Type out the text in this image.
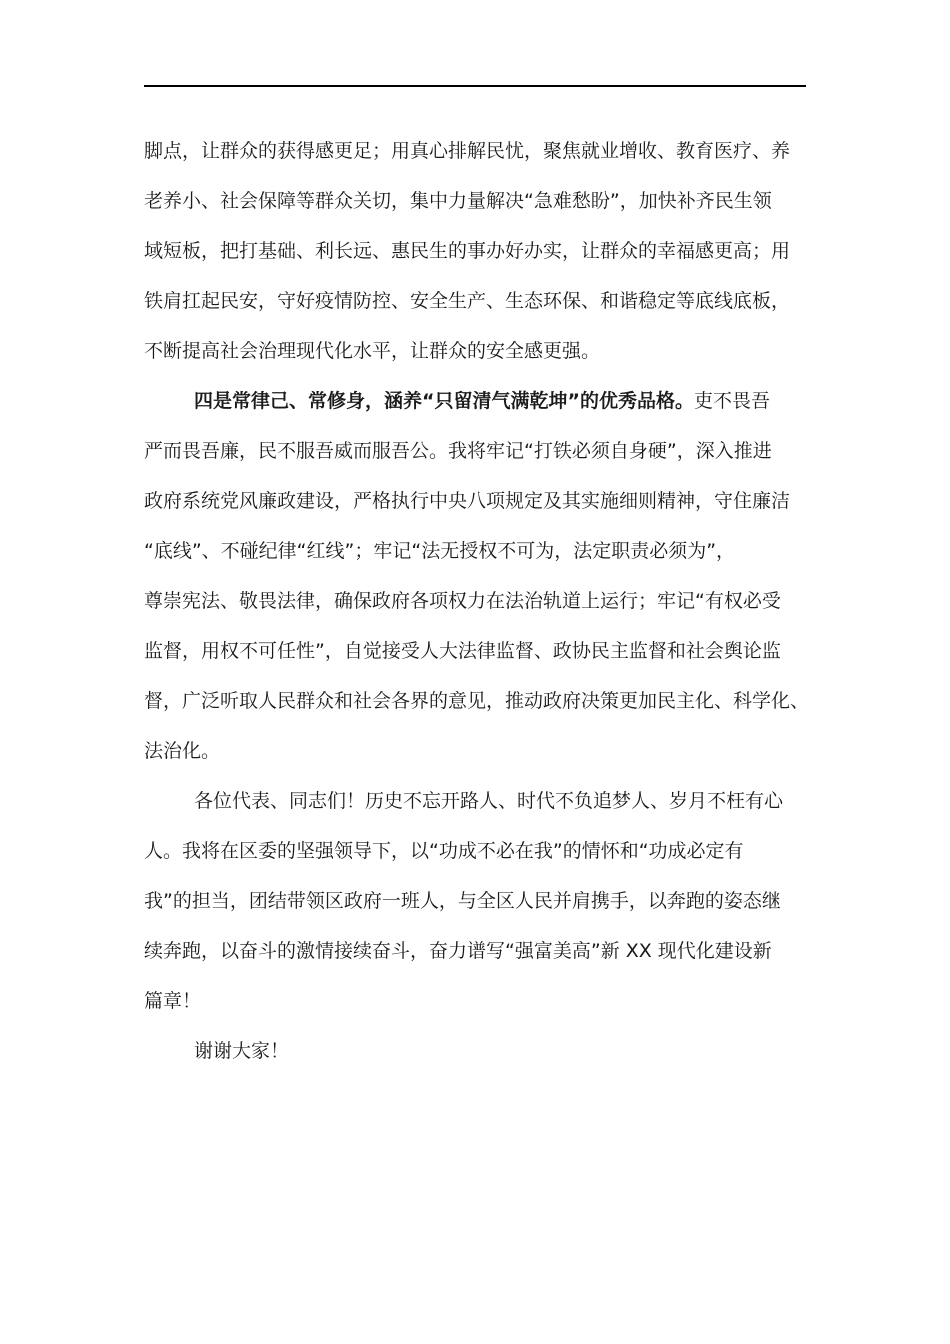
脚点，让群众的获得感更足；用真心排解民忧，聚焦就业增收、教育医疗、养
老养小、社会保障等群众关切，集中力量解决“急难愁盼”，加快补齐民生领
域短板，把打基础、利长远、惠民生的事办好办实，让群众的幸福感更高；用
铁肩扛起民安，守好疫情防控、安全生产、生态环保、和谐稳定等底线底板，
不断提高社会治理现代化水平，让群众的安全感更强。
四是常律己、常修身，涵养“只留清气满乾坤”的优秀品格。吏不畏吾
严而畏吾廉，民不服吾威而服吾公。我将牢记“打铁必须自身硬”，深入推进
政府系统党风廉政建设，严格执行中央八项规定及其实施细则精神，守住廉洁
“底线”、不碰纪律“红线”；牢记“法无授权不可为，法定职责必须为”，
尊崇宪法、敬畏法律，确保政府各项权力在法治轨道上运行；牢记“有权必受
监督，用权不可任性”，自觉接受人大法律监督、政协民主监督和社会舆论监
督，广泛听取人民群众和社会各界的意见，推动政府决策更加民主化、科学化、
法治化。
各位代表、同志们！历史不忘开路人、时代不负追梦人、岁月不枉有心
人。我将在区委的坚强领导下，以“功成不必在我”的情怀和“功成必定有
我”的担当，团结带领区政府一班人，与全区人民并肩携手，以奔跑的姿态继
续奔跑，以奋斗的激情接续奋斗，奋力谱写“强富美高”新 XX 现代化建设新
篇章！
谢谢大家！
